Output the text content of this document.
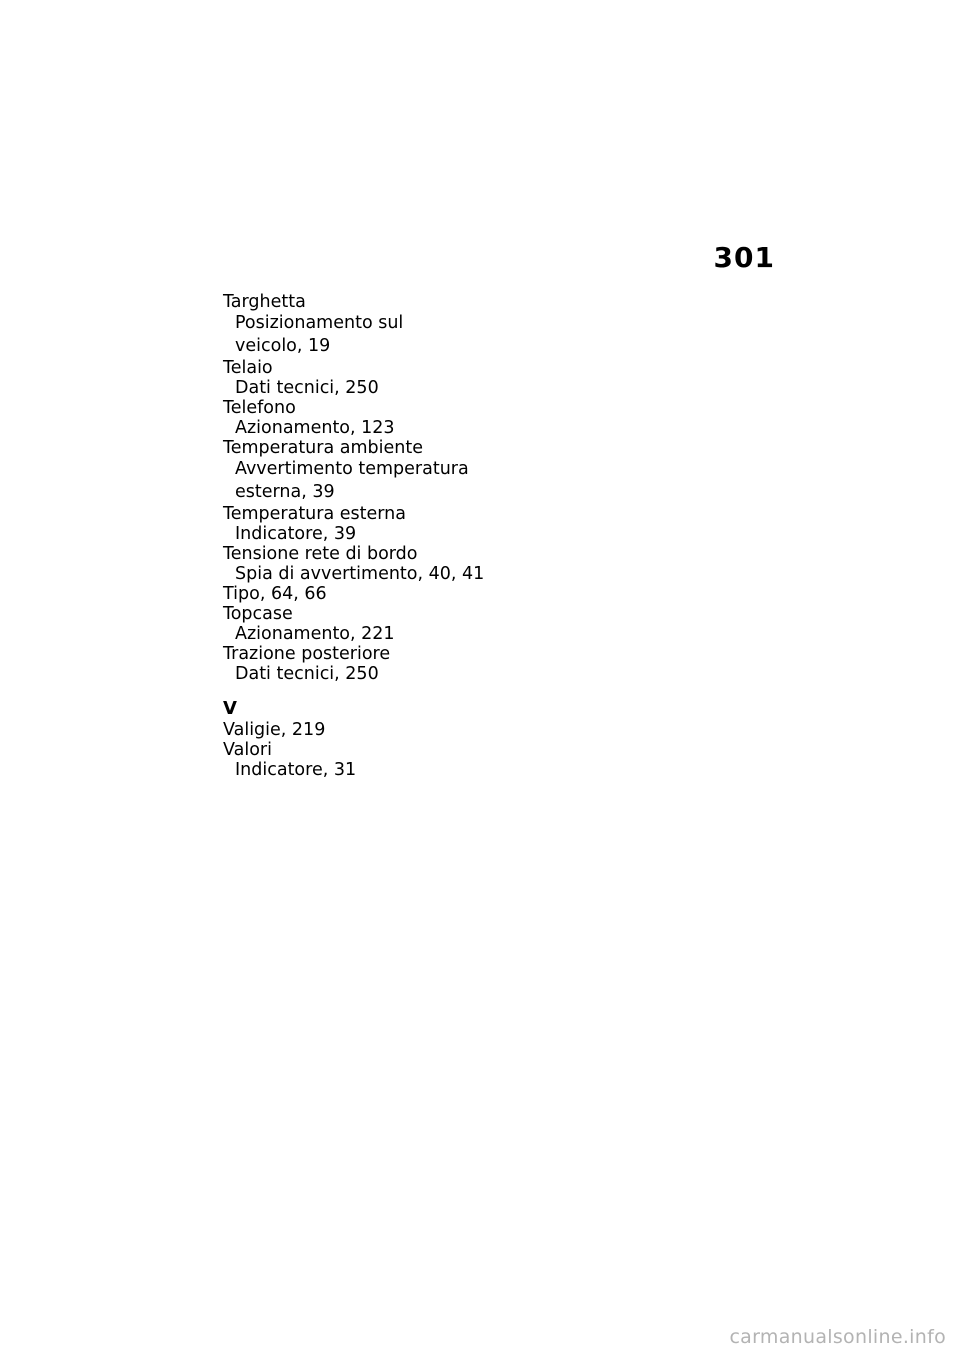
301
Targhetta
Posizionamento sul
veicolo, 19
Telaio
Dati tecnici, 250
Telefono
Azionamento, 123
Temperatura ambiente
Avvertimento temperatura
esterna, 39
Temperatura esterna
Indicatore, 39
Tensione rete di bordo
Spia di avvertimento, 40, 41
Tipo, 64, 66
Topcase
Azionamento, 221
Trazione posteriore
Dati tecnici, 250
V
Valigie, 219
Valori
Indicatore, 31
carmanualsonline.info
